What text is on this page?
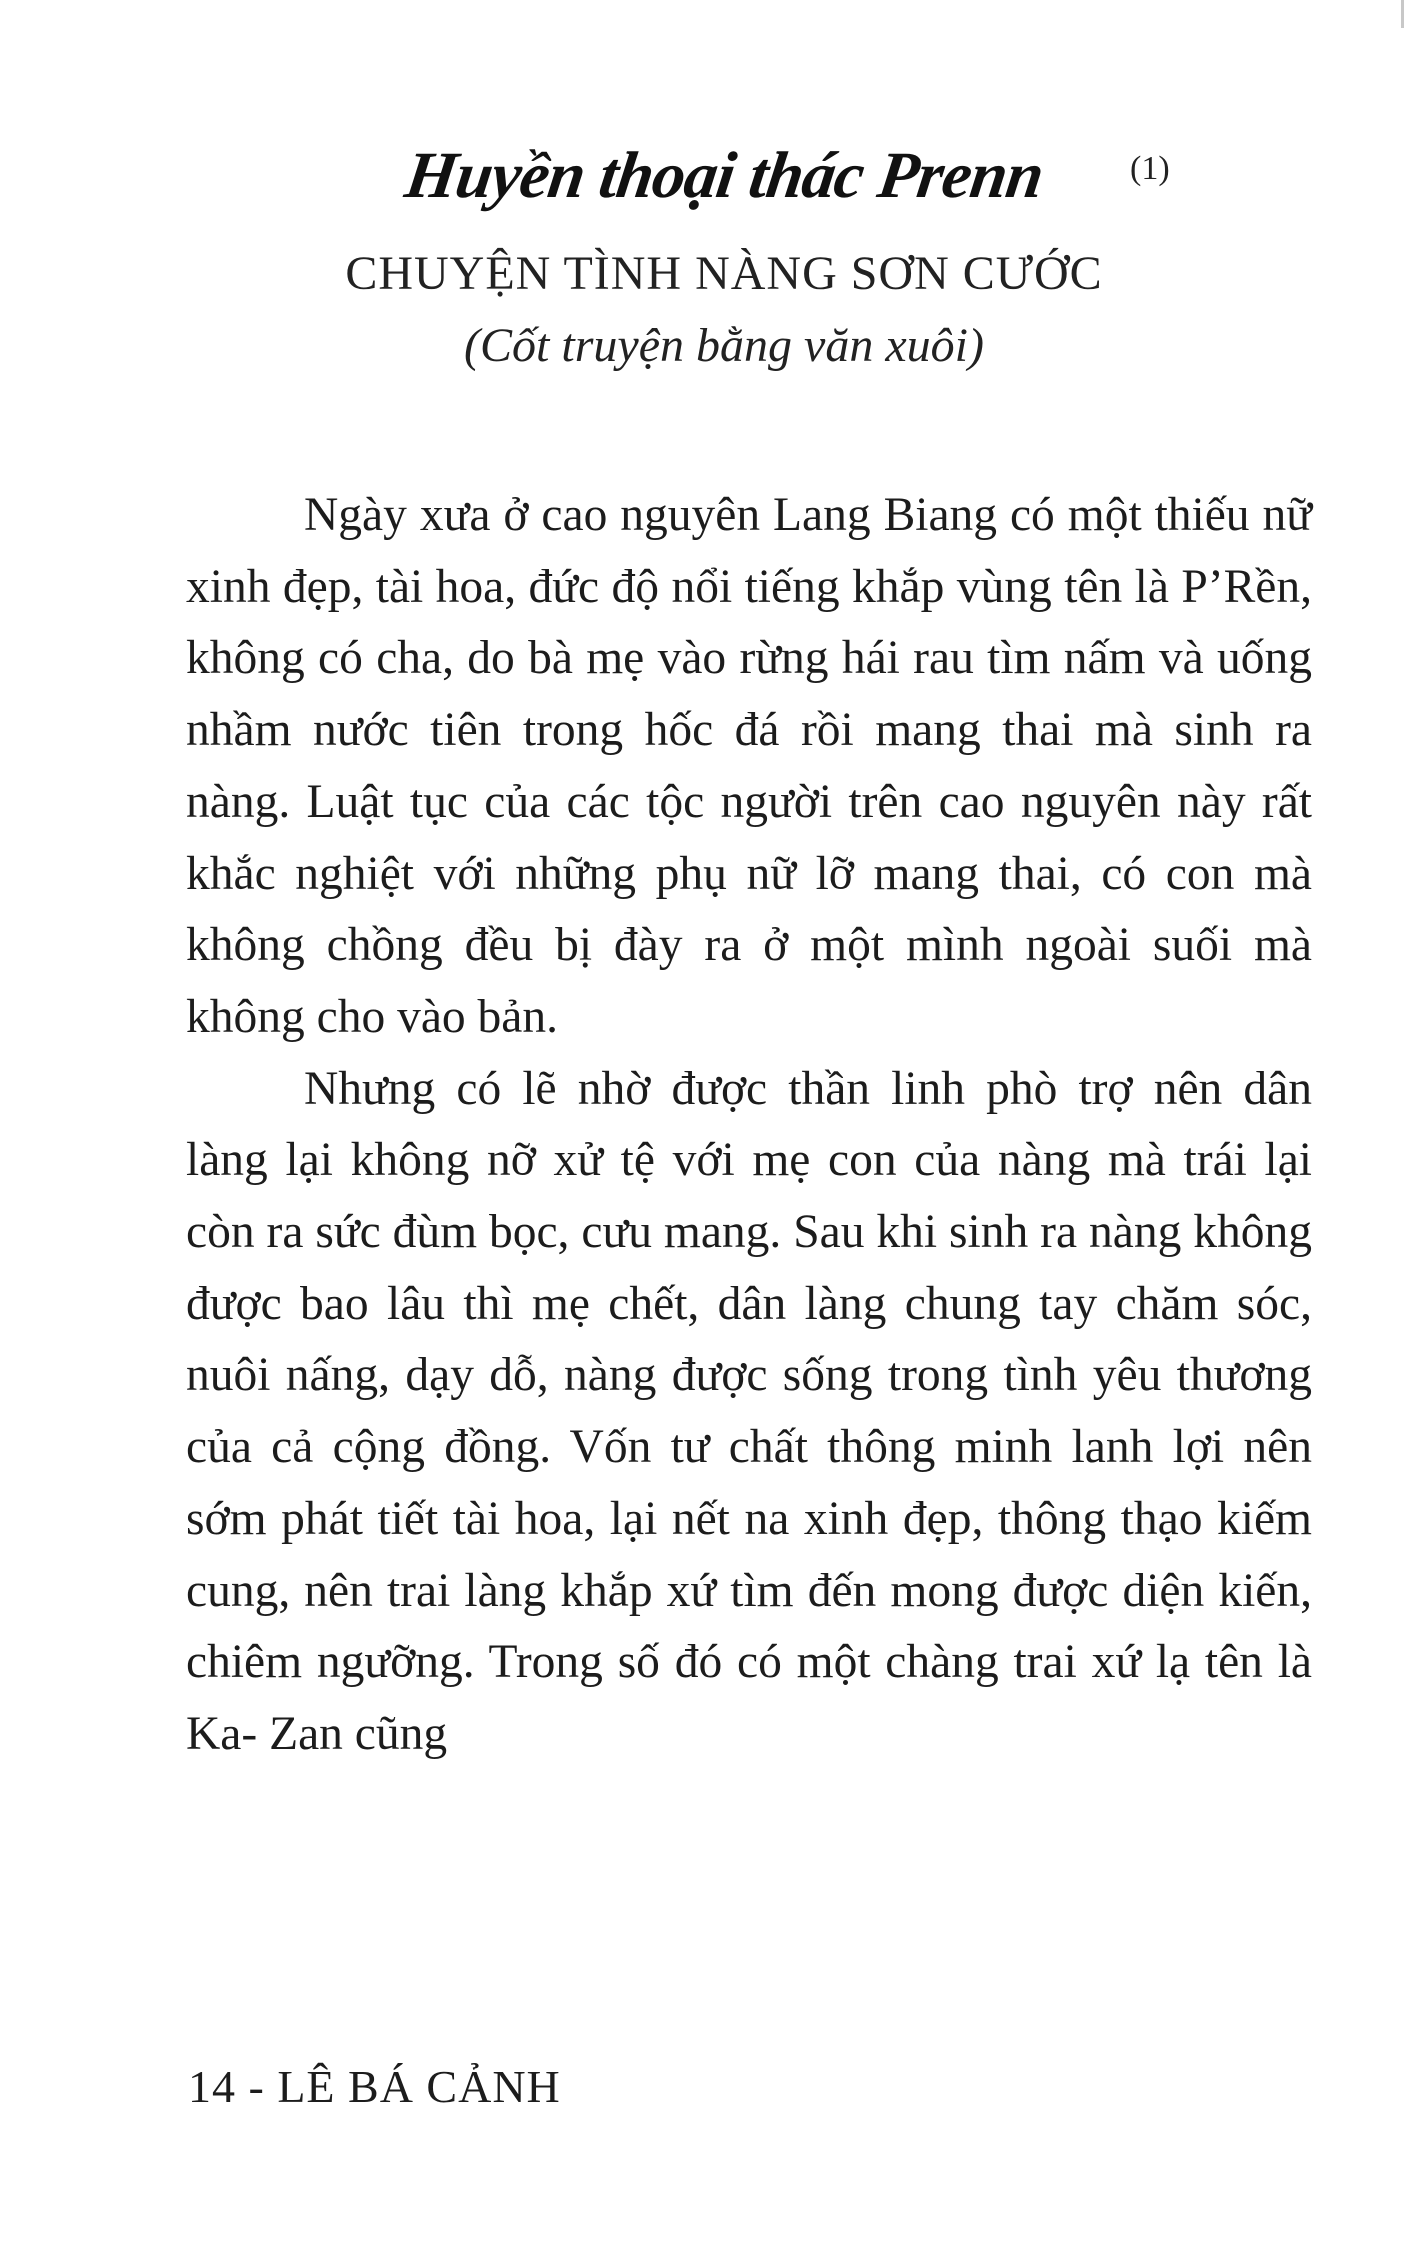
Huyền thoại thác Prenn	(1)
CHUYỆN TÌNH NÀNG SƠN CƯỚC
(Cốt truyện bằng văn xuôi)

Ngày xưa ở cao nguyên Lang Biang có một thiếu nữ xinh đẹp, tài hoa, đức độ nổi tiếng khắp vùng tên là P’Rền, không có cha, do bà mẹ vào rừng hái rau tìm nấm và uống nhầm nước tiên trong hốc đá rồi mang thai mà sinh ra nàng. Luật tục của các tộc người trên cao nguyên này rất khắc nghiệt với những phụ nữ lỡ mang thai, có con mà không chồng đều bị đày ra ở một mình ngoài suối mà không cho vào bản.

Nhưng có lẽ nhờ được thần linh phò trợ nên dân làng lại không nỡ xử tệ với mẹ con của nàng mà trái lại còn ra sức đùm bọc, cưu mang. Sau khi sinh ra nàng không được bao lâu thì mẹ chết, dân làng chung tay chăm sóc, nuôi nấng, dạy dỗ, nàng được sống trong tình yêu thương của cả cộng đồng. Vốn tư chất thông minh lanh lợi nên sớm phát tiết tài hoa, lại nết na xinh đẹp, thông thạo kiếm cung, nên trai làng khắp xứ tìm đến mong được diện kiến, chiêm ngưỡng. Trong số đó có một chàng trai xứ lạ tên là Ka- Zan cũng

14 - LÊ BÁ CẢNH
